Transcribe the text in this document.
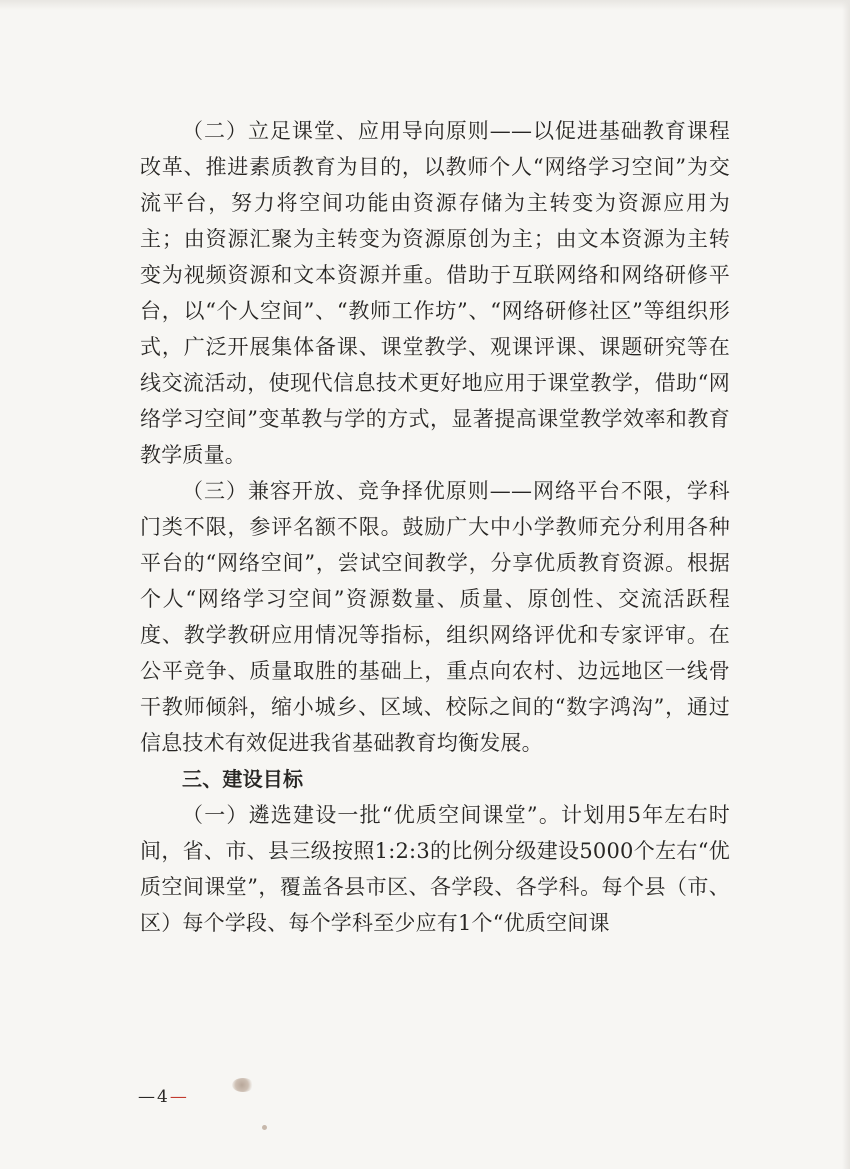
（二）立足课堂、应用导向原则——以促进基础教育课程改革、推进素质教育为目的，以教师个人“网络学习空间”为交流平台，努力将空间功能由资源存储为主转变为资源应用为主；由资源汇聚为主转变为资源原创为主；由文本资源为主转变为视频资源和文本资源并重。借助于互联网络和网络研修平台，以“个人空间”、“教师工作坊”、“网络研修社区”等组织形式，广泛开展集体备课、课堂教学、观课评课、课题研究等在线交流活动，使现代信息技术更好地应用于课堂教学，借助“网络学习空间”变革教与学的方式，显著提高课堂教学效率和教育教学质量。

（三）兼容开放、竞争择优原则——网络平台不限，学科门类不限，参评名额不限。鼓励广大中小学教师充分利用各种平台的“网络空间”，尝试空间教学，分享优质教育资源。根据个人“网络学习空间”资源数量、质量、原创性、交流活跃程度、教学教研应用情况等指标，组织网络评优和专家评审。在公平竞争、质量取胜的基础上，重点向农村、边远地区一线骨干教师倾斜，缩小城乡、区域、校际之间的“数字鸿沟”，通过信息技术有效促进我省基础教育均衡发展。

三、建设目标

（一）遴选建设一批“优质空间课堂”。计划用5年左右时间，省、市、县三级按照1:2:3的比例分级建设5000个左右“优质空间课堂”，覆盖各县市区、各学段、各学科。每个县（市、区）每个学段、每个学科至少应有1个“优质空间课

— 4 —
